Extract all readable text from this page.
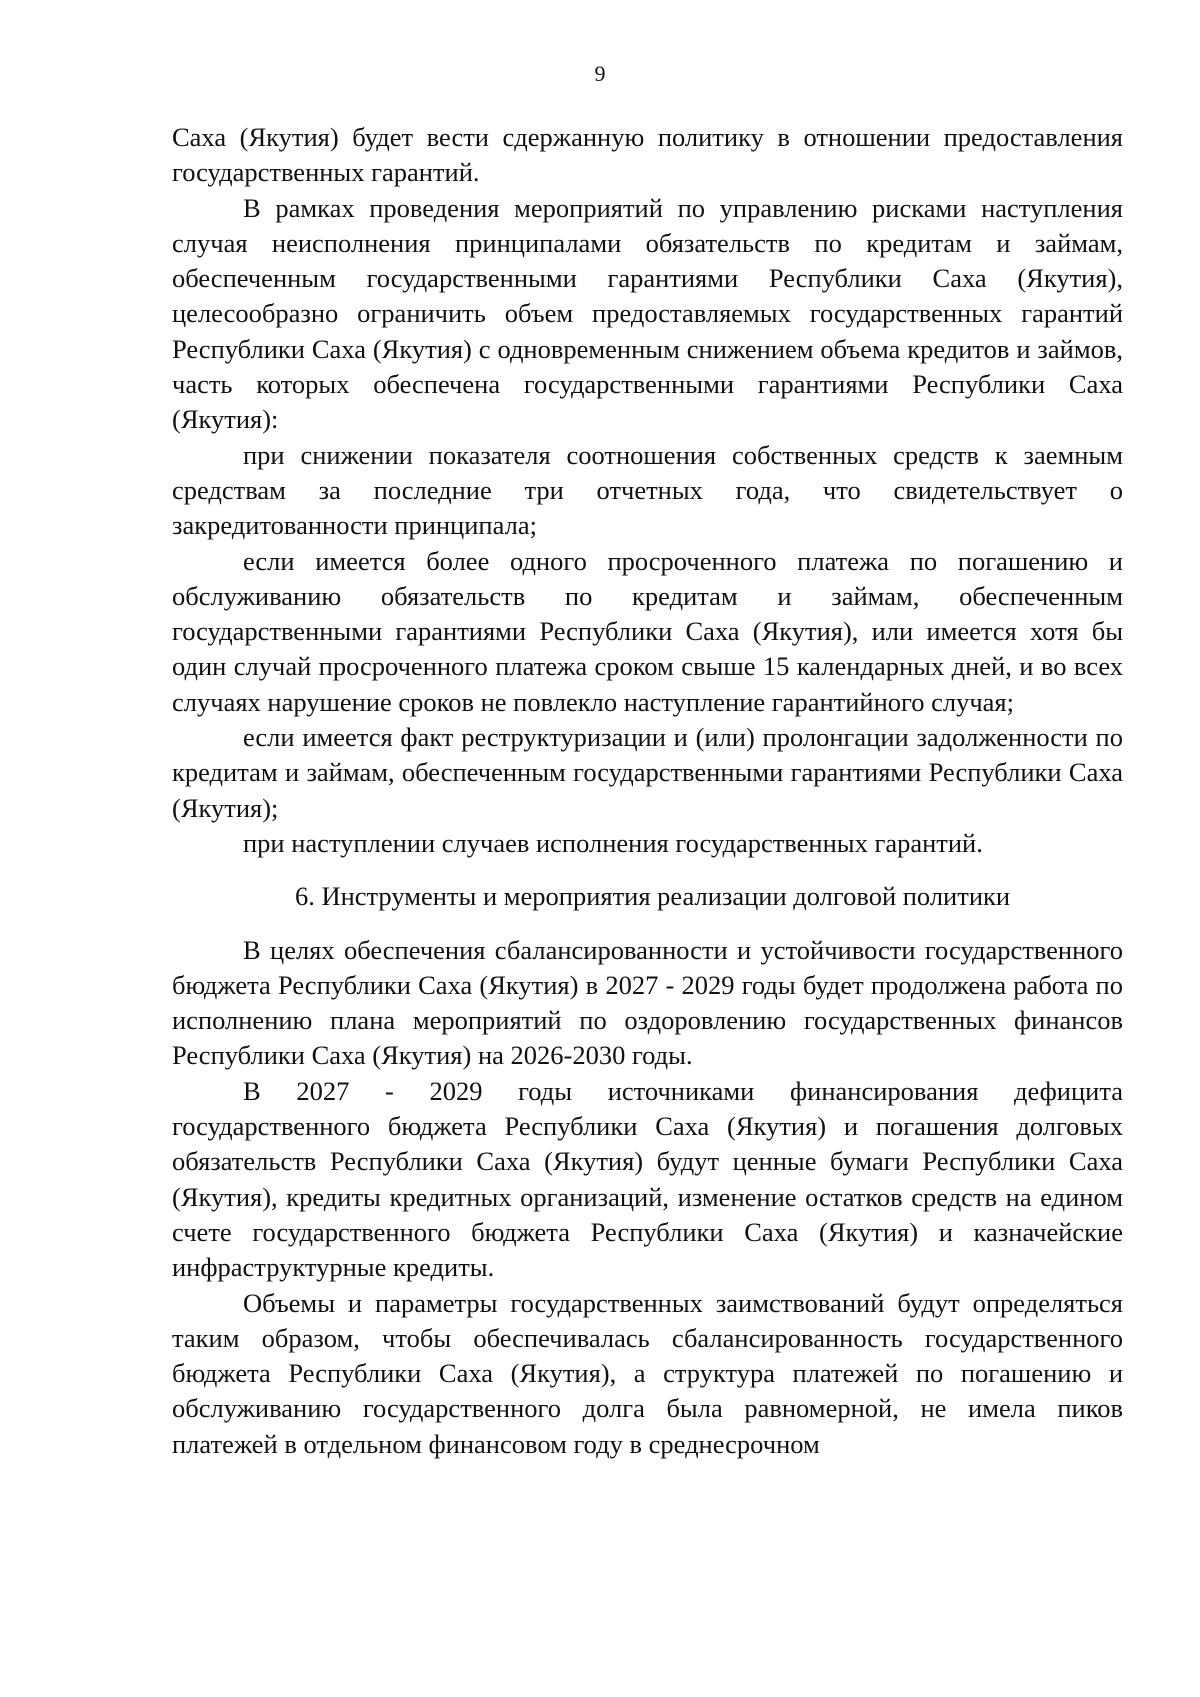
9

Саха (Якутия) будет вести сдержанную политику в отношении предоставления государственных гарантий.

В рамках проведения мероприятий по управлению рисками наступления случая неисполнения принципалами обязательств по кредитам и займам, обеспеченным государственными гарантиями Республики Саха (Якутия), целесообразно ограничить объем предоставляемых государственных гарантий Республики Саха (Якутия) с одновременным снижением объема кредитов и займов, часть которых обеспечена государственными гарантиями Республики Саха (Якутия):

при снижении показателя соотношения собственных средств к заемным средствам за последние три отчетных года, что свидетельствует о закредитованности принципала;

если имеется более одного просроченного платежа по погашению и обслуживанию обязательств по кредитам и займам, обеспеченным государственными гарантиями Республики Саха (Якутия), или имеется хотя бы один случай просроченного платежа сроком свыше 15 календарных дней, и во всех случаях нарушение сроков не повлекло наступление гарантийного случая;

если имеется факт реструктуризации и (или) пролонгации задолженности по кредитам и займам, обеспеченным государственными гарантиями Республики Саха (Якутия);

при наступлении случаев исполнения государственных гарантий.

6. Инструменты и мероприятия реализации долговой политики

В целях обеспечения сбалансированности и устойчивости государственного бюджета Республики Саха (Якутия) в 2027 - 2029 годы будет продолжена работа по исполнению плана мероприятий по оздоровлению государственных финансов Республики Саха (Якутия) на 2026-2030 годы.

В 2027 - 2029 годы источниками финансирования дефицита государственного бюджета Республики Саха (Якутия) и погашения долговых обязательств Республики Саха (Якутия) будут ценные бумаги Республики Саха (Якутия), кредиты кредитных организаций, изменение остатков средств на едином счете государственного бюджета Республики Саха (Якутия) и казначейские инфраструктурные кредиты.

Объемы и параметры государственных заимствований будут определяться таким образом, чтобы обеспечивалась сбалансированность государственного бюджета Республики Саха (Якутия), а структура платежей по погашению и обслуживанию государственного долга была равномерной, не имела пиков платежей в отдельном финансовом году в среднесрочном
